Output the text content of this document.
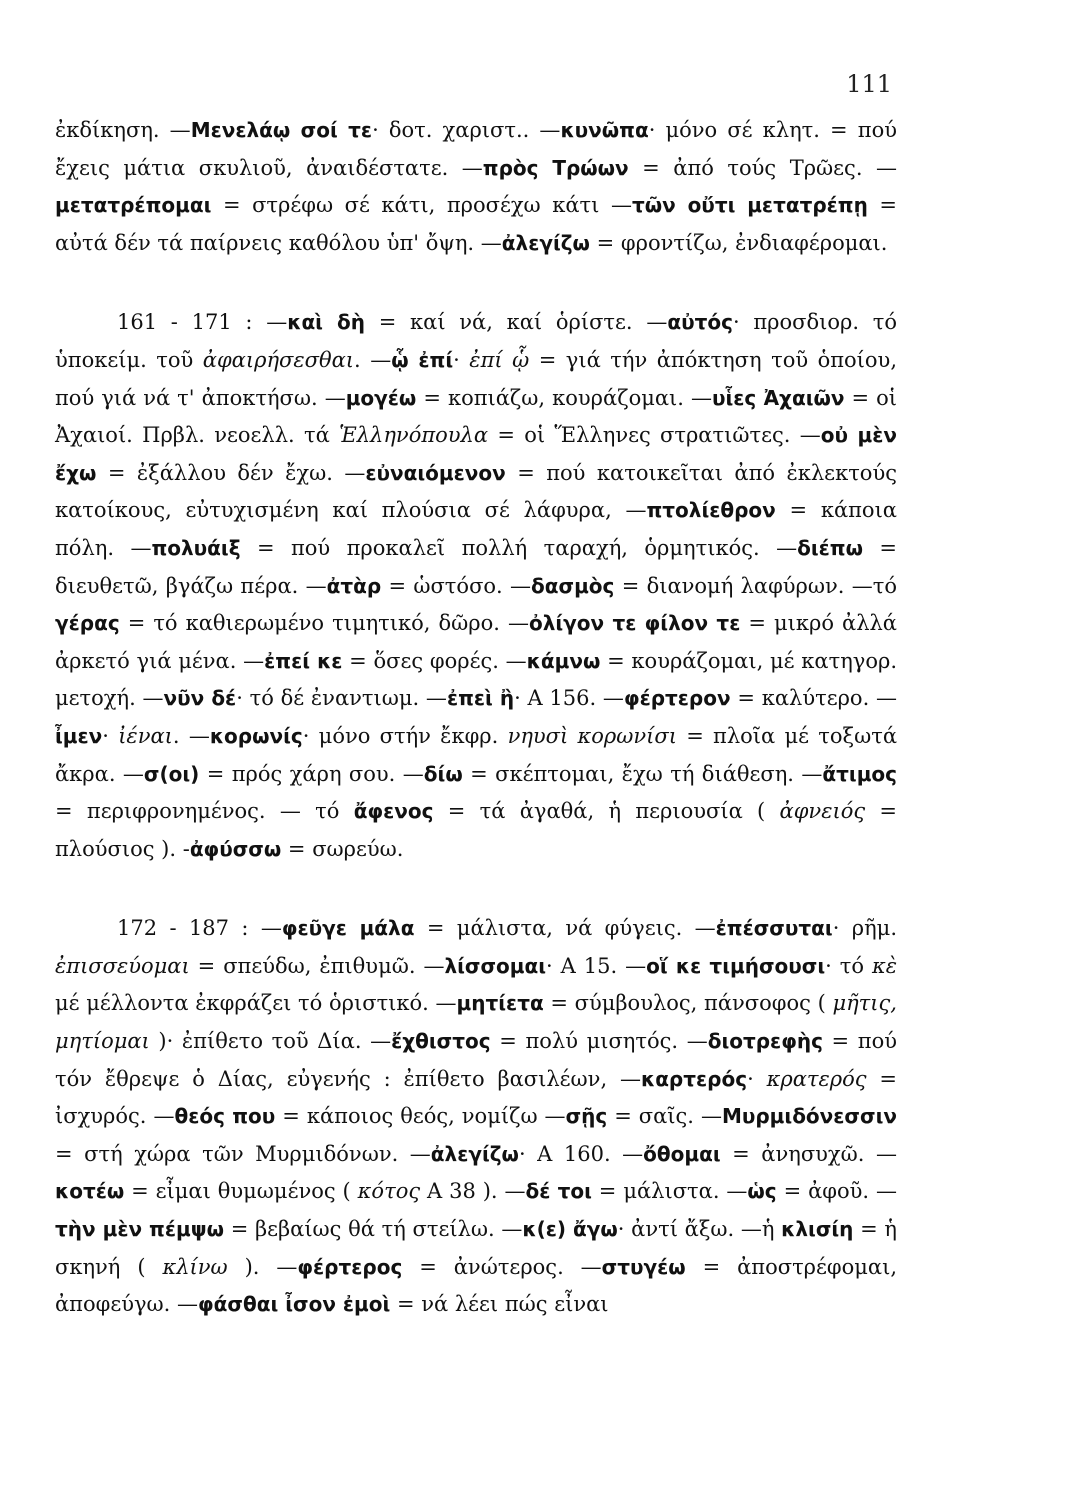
111

ἐκδίκηση. —Μενελάῳ σοί τε· δοτ. χαριστ.. —κυνῶπα· μόνο σέ κλητ. = πού ἔχεις μάτια σκυλιοῦ, ἀναιδέστατε. —πρὸς Τρώων = ἀπό τούς Τρῶες. —μετατρέπομαι = στρέφω σέ κάτι, προσέχω κάτι —τῶν οὔτι μετατρέπῃ = αὐτά δέν τά παίρνεις καθόλου ὑπ' ὄψη. —ἀλεγίζω = φροντίζω, ἐνδιαφέρομαι.

161 - 171 : —καὶ δὴ = καί νά, καί ὁρίστε. —αὐτός· προσδιορ. τό ὑποκείμ. τοῦ ἀφαιρήσεσθαι. —ᾧ ἐπί· ἐπί ᾧ = γιά τήν ἀπόκτηση τοῦ ὁποίου, πού γιά νά τ' ἀποκτήσω. —μογέω = κοπιάζω, κουράζομαι. —υἷες Ἀχαιῶν = οἱ Ἀχαιοί. Πρβλ. νεοελλ. τά Ἑλληνόπουλα = οἱ Ἕλληνες στρατιῶτες. —οὐ μὲν ἔχω = ἐξάλλου δέν ἔχω. —εὐναιόμενον = πού κατοικεῖται ἀπό ἐκλεκτούς κατοίκους, εὐτυχισμένη καί πλούσια σέ λάφυρα, —πτολίεθρον = κάποια πόλη. —πολυάιξ = πού προκαλεῖ πολλή ταραχή, ὁρμητικός. —διέπω = διευθετῶ, βγάζω πέρα. —ἀτὰρ = ὡστόσο. —δασμὸς = διανομή λαφύρων. —τό γέρας = τό καθιερωμένο τιμητικό, δῶρο. —ὀλίγον τε φίλον τε = μικρό ἀλλά ἀρκετό γιά μένα. —ἐπεί κε = ὅσες φορές. —κάμνω = κουράζομαι, μέ κατηγορ. μετοχή. —νῦν δέ· τό δέ ἐναντιωμ. —ἐπεὶ ἢ· Α 156. —φέρτερον = καλύτερο. —ἶμεν· ἰέναι. —κορωνίς· μόνο στήν ἔκφρ. νηυσὶ κορωνίσι = πλοῖα μέ τοξωτά ἄκρα. —σ(οι) = πρός χάρη σου. —δίω = σκέπτομαι, ἔχω τή διάθεση. —ἄτιμος = περιφρονημένος. — τό ἄφενος = τά ἀγαθά, ἡ περιουσία ( ἀφνειός = πλούσιος ). -ἀφύσσω = σωρεύω.

172 - 187 : —φεῦγε μάλα = μάλιστα, νά φύγεις. —ἐπέσσυται· ρῆμ. ἐπισσεύομαι = σπεύδω, ἐπιθυμῶ. —λίσσομαι· Α 15. —οἵ κε τιμήσουσι· τό κὲ μέ μέλλοντα ἐκφράζει τό ὁριστικό. —μητίετα = σύμβουλος, πάνσοφος ( μῆτις, μητίομαι )· ἐπίθετο τοῦ Δία. —ἔχθιστος = πολύ μισητός. —διοτρεφὴς = πού τόν ἔθρεψε ὁ Δίας, εὐγενής : ἐπίθετο βασιλέων, —καρτερός· κρατερός = ἰσχυρός. —θεός που = κάποιος θεός, νομίζω —σῇς = σαῖς. —Μυρμιδόνεσσιν = στή χώρα τῶν Μυρμιδόνων. —ἀλεγίζω· Α 160. —ὄθομαι = ἀνησυχῶ. —κοτέω = εἶμαι θυμωμένος ( κότος Α 38 ). —δέ τοι = μάλιστα. —ὡς = ἀφοῦ. —τὴν μὲν πέμψω = βεβαίως θά τή στείλω. —κ(ε) ἄγω· ἀντί ἄξω. —ἡ κλισίη = ἡ σκηνή ( κλίνω ). —φέρτερος = ἀνώτερος. —στυγέω = ἀποστρέφομαι, ἀποφεύγω. —φάσθαι ἶσον ἐμοὶ = νά λέει πώς εἶναι
